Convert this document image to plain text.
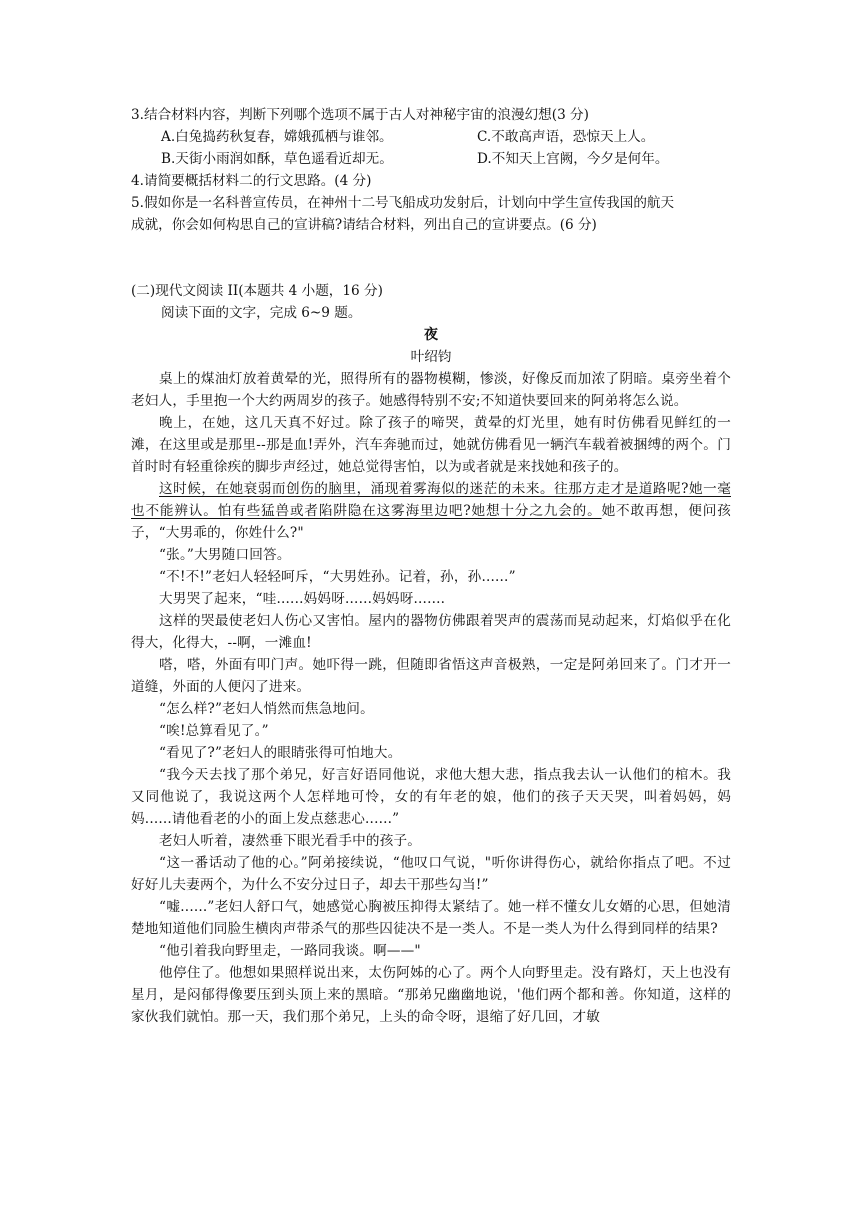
3.结合材料内容，判断下列哪个选项不属于古人对神秘宇宙的浪漫幻想(3 分)
A.白兔捣药秋复春，嫦娥孤栖与谁邻。	C.不敢高声语，恐惊天上人。
B.天街小雨润如酥，草色遥看近却无。	D.不知天上宫阙，今夕是何年。
4.请简要概括材料二的行文思路。(4 分)
5.假如你是一名科普宣传员，在神州十二号飞船成功发射后，计划向中学生宣传我国的航天
成就，你会如何构思自己的宣讲稿?请结合材料，列出自己的宣讲要点。(6 分)
(二)现代文阅读 II(本题共 4 小题，16 分)
阅读下面的文字，完成 6~9 题。
夜
叶绍钧

桌上的煤油灯放着黄晕的光，照得所有的器物模糊，惨淡，好像反而加浓了阴暗。桌旁坐着个老妇人，手里抱一个大约两周岁的孩子。她感得特别不安;不知道快要回来的阿弟将怎么说。

晚上，在她，这几天真不好过。除了孩子的啼哭，黄晕的灯光里，她有时仿佛看见鲜红的一滩，在这里或是那里--那是血!弄外，汽车奔驰而过，她就仿佛看见一辆汽车载着被捆缚的两个。门首时时有轻重徐疾的脚步声经过，她总觉得害怕，以为或者就是来找她和孩子的。

这时候，在她衰弱而创伤的脑里，涌现着雾海似的迷茫的未来。往那方走才是道路呢?她一毫也不能辨认。怕有些猛兽或者陷阱隐在这雾海里边吧?她想十分之九会的。她不敢再想，便问孩子，“大男乖的，你姓什么?"

“张。”大男随口回答。

“不!不!”老妇人轻轻呵斥，“大男姓孙。记着，孙，孙......”

大男哭了起来，“哇......妈妈呀......妈妈呀.......

这样的哭最使老妇人伤心又害怕。屋内的器物仿佛跟着哭声的震荡而晃动起来，灯焰似乎在化得大，化得大，--啊，一滩血!

嗒，嗒，外面有叩门声。她吓得一跳，但随即省悟这声音极熟，一定是阿弟回来了。门才开一道缝，外面的人便闪了进来。

“怎么样?”老妇人悄然而焦急地问。

“唉!总算看见了。”

“看见了?”老妇人的眼睛张得可怕地大。

“我今天去找了那个弟兄，好言好语同他说，求他大想大悲，指点我去认一认他们的棺木。我又同他说了，我说这两个人怎样地可怜，女的有年老的娘，他们的孩子天天哭，叫着妈妈，妈妈......请他看老的小的面上发点慈悲心......”

老妇人听着，凄然垂下眼光看手中的孩子。

“这一番话动了他的心。”阿弟接续说，“他叹口气说，"听你讲得伤心，就给你指点了吧。不过好好儿夫妻两个，为什么不安分过日子，却去干那些勾当!”

“嘘......”老妇人舒口气，她感觉心胸被压抑得太紧结了。她一样不懂女儿女婿的心思，但她清楚地知道他们同脸生横肉声带杀气的那些囚徒决不是一类人。不是一类人为什么得到同样的结果?

“他引着我向野里走，一路同我谈。啊——"

他停住了。他想如果照样说出来，太伤阿姊的心了。两个人向野里走。没有路灯，天上也没有星月，是闷郁得像要压到头顶上来的黑暗。“那弟兄幽幽地说，'他们两个都和善。你知道，这样的家伙我们就怕。那一天，我们那个弟兄，上头的命令呀，退缩了好几回，才敏
